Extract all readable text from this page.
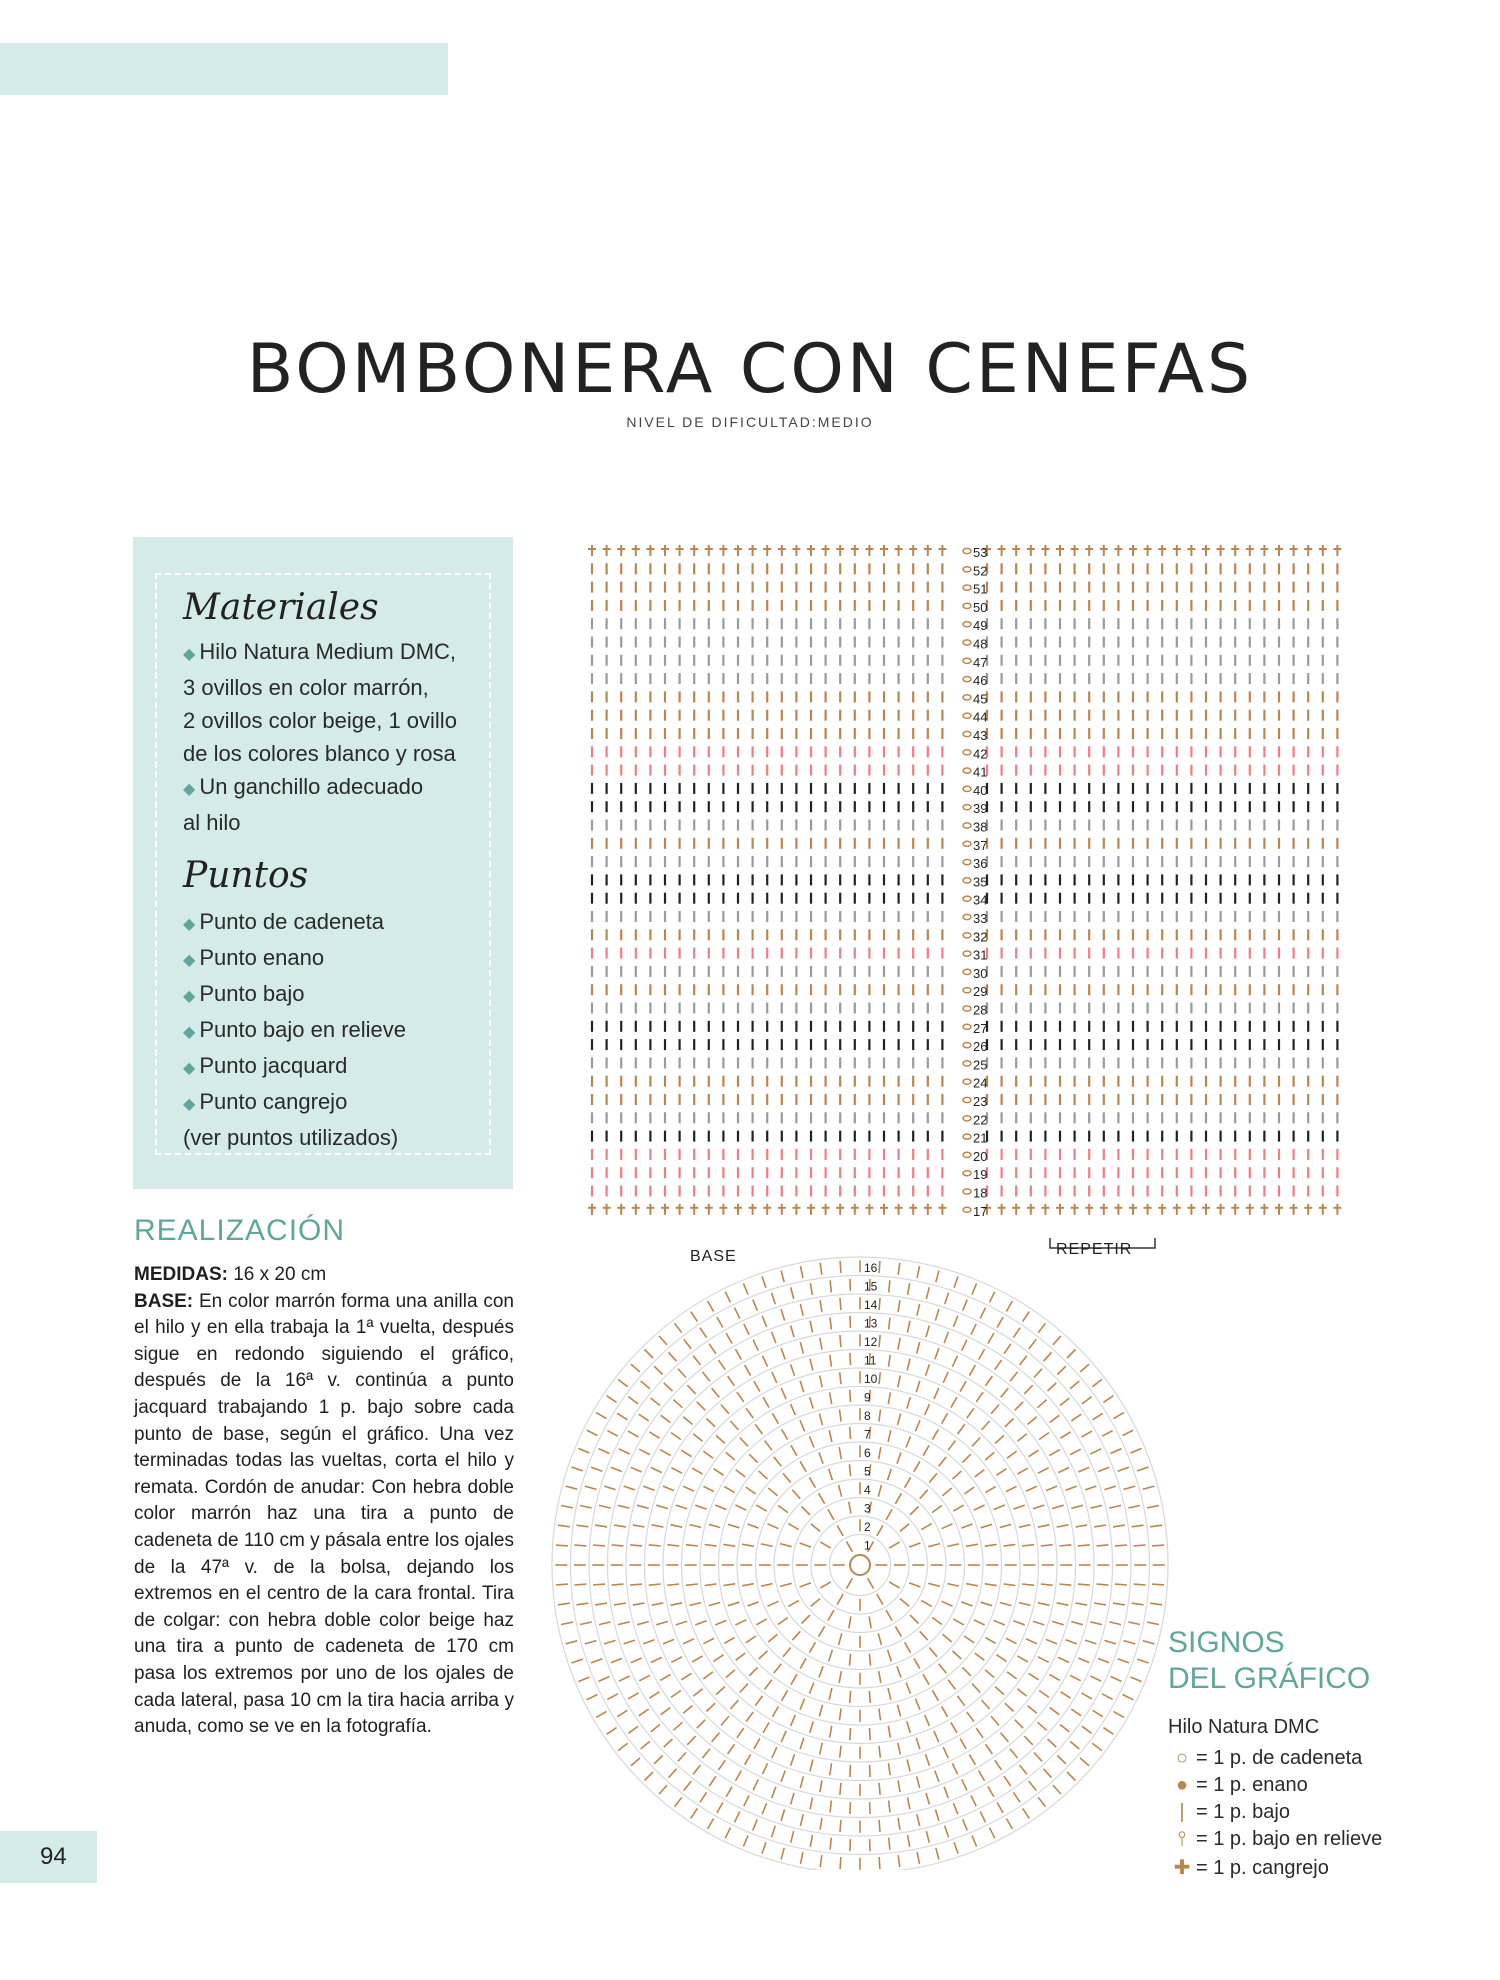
BOMBONERA CON CENEFAS
NIVEL DE DIFICULTAD:MEDIO
Materiales
◆ Hilo Natura Medium DMC,
3 ovillos en color marrón,
2 ovillos color beige, 1 ovillo
de los colores blanco y rosa
◆ Un ganchillo adecuado
al hilo
Puntos
◆ Punto de cadeneta
◆ Punto enano
◆ Punto bajo
◆ Punto bajo en relieve
◆ Punto jacquard
◆ Punto cangrejo
(ver puntos utilizados)
REALIZACIÓN

MEDIDAS: 16 x 20 cm

BASE: En color marrón forma una anilla con el hilo y en ella trabaja la 1ª vuelta, después sigue en redondo siguiendo el gráfico, después de la 16ª v. continúa a punto jacquard trabajando 1 p. bajo sobre cada punto de base, según el gráfico. Una vez terminadas todas las vueltas, corta el hilo y remata. Cordón de anudar: Con hebra doble color marrón haz una tira a punto de cadeneta de 110 cm y pásala entre los ojales de la 47ª v. de la bolsa, dejando los extremos en el centro de la cara frontal. Tira de colgar: con hebra doble color beige haz una tira a punto de cadeneta de 170 cm pasa los extremos por uno de los ojales de cada lateral, pasa 10 cm la tira hacia arriba y anuda, como se ve en la fotografía.

53
52
51
50
49
48
47
46
45
44
43
42
41
40
39
38
37
36
35
34
33
32
31
30
29
28
27
26
25
24
23
22
21
20
19
18
17
REPETIR
16
15
14
13
12
11
10
9
8
7
6
5
4
3
2
1
BASE
SIGNOS
DEL GRÁFICO
Hilo Natura DMC
○ = 1 p. de cadeneta
● = 1 p. enano
| = 1 p. bajo
⫯ = 1 p. bajo en relieve
✚ = 1 p. cangrejo
94
